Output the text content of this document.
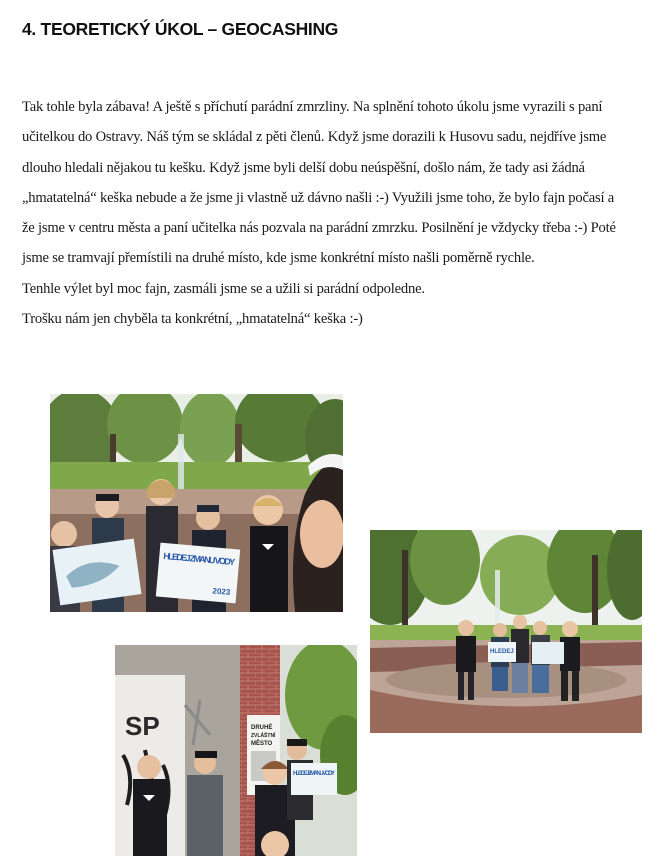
4. TEORETICKÝ ÚKOL – GEOCASHING
Tak tohle byla zábava! A ještě s příchutí parádní zmrzliny. Na splnění tohoto úkolu jsme vyrazili s paní
učitelkou do Ostravy. Náš tým se skládal z pěti členů. Když jsme dorazili k Husovu sadu, nejdříve jsme
dlouho hledali nějakou tu kešku. Když jsme byli delší dobu neúspěšní, došlo nám, že tady asi žádná
„hmatatelná“ keška nebude a že jsme ji vlastně už dávno našli :-) Využili jsme toho, že bylo fajn počasí a
že jsme v centru města a paní učitelka nás pozvala na parádní zmrzku. Posilnění je vždycky třeba :-) Poté
jsme se tramvají přemístili na druhé místo, kde jsme konkrétní místo našli poměrně rychle.
Tenhle výlet byl moc fajn, zasmáli jsme se a užili si parádní odpoledne.
Trošku nám jen chyběla ta konkrétní, „hmatatelná“ keška :-)
HLEDEJ ZMANU VODY
2023
HLEDEJ
SP	DRUHÉ
ZVLÁŠTNÍ
MĚSTO
HLEDEJ ZMANU VODY
